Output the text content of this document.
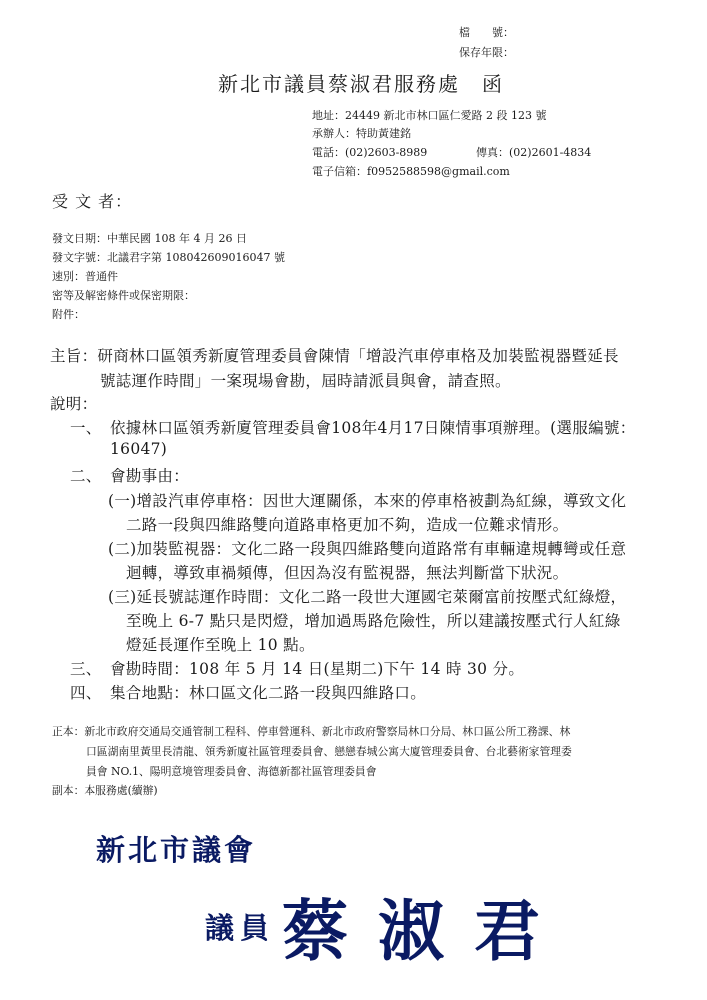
檔　　號：
保存年限：
新北市議員蔡淑君服務處　函
地址：24449 新北市林口區仁愛路 2 段 123 號
承辦人：特助黃建銘
電話：(02)2603-8989	傳真：(02)2601-4834
電子信箱：f0952588598@gmail.com
受 文 者：
發文日期：中華民國 108 年 4 月 26 日
發文字號：北議君字第 108042609016047 號
速別：普通件
密等及解密條件或保密期限：
附件：
主旨：研商林口區領秀新廈管理委員會陳情「增設汽車停車格及加裝監視器暨延長
號誌運作時間」一案現場會勘，屆時請派員與會，請查照。
說明：
一、 依據林口區領秀新廈管理委員會108年4月17日陳情事項辦理。(選服編號：
16047)
二、 會勘事由：
(一)增設汽車停車格：因世大運關係，本來的停車格被劃為紅線，導致文化
二路一段與四維路雙向道路車格更加不夠，造成一位難求情形。
(二)加裝監視器：文化二路一段與四維路雙向道路常有車輛違規轉彎或任意
迴轉，導致車禍頻傳，但因為沒有監視器，無法判斷當下狀況。
(三)延長號誌運作時間：文化二路一段世大運國宅萊爾富前按壓式紅綠燈，
至晚上 6-7 點只是閃燈，增加過馬路危險性，所以建議按壓式行人紅綠
燈延長運作至晚上 10 點。
三、 會勘時間：108 年 5 月 14 日(星期二)下午 14 時 30 分。
四、 集合地點：林口區文化二路一段與四維路口。
正本：新北市政府交通局交通管制工程科、停車營運科、新北市政府警察局林口分局、林口區公所工務課、林
口區湖南里黃里長清龍、領秀新廈社區管理委員會、戀戀春城公寓大廈管理委員會、台北藝術家管理委
員會 NO.1、陽明意境管理委員會、海德新都社區管理委員會
副本：本服務處(續辦)
新北市議會
議員 蔡淑君
